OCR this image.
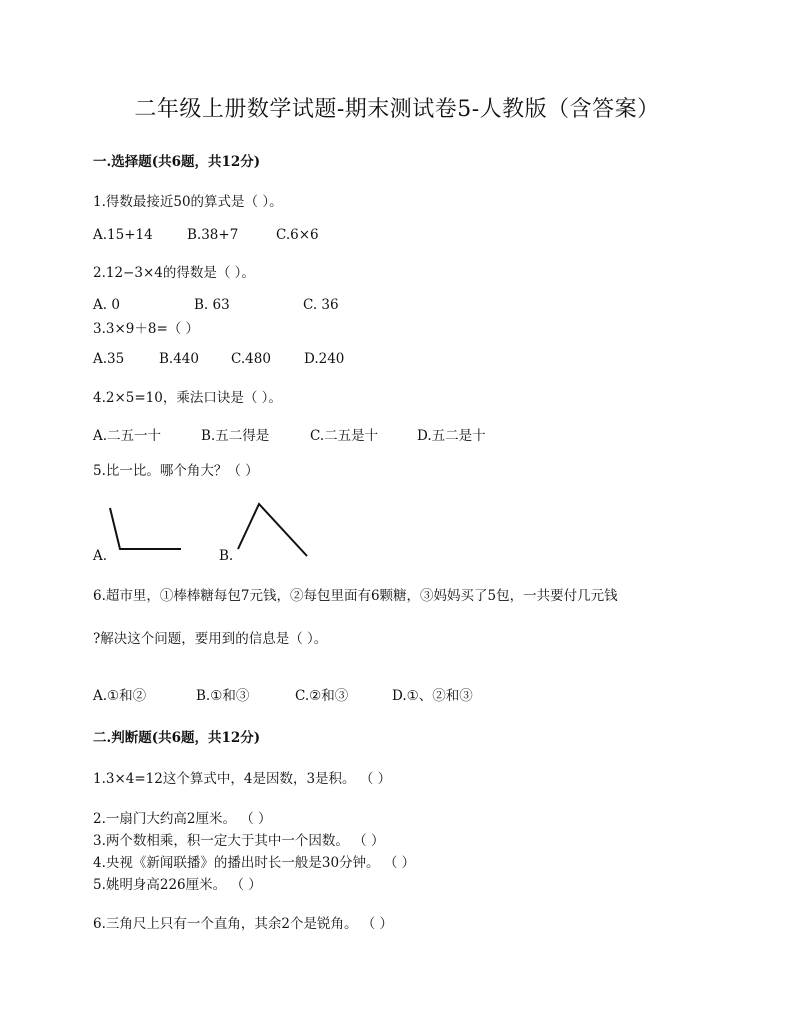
二年级上册数学试题-期末测试卷5-人教版（含答案）
一.选择题(共6题，共12分)
1.得数最接近50的算式是（ ）。
A.15+14	B.38+7	C.6×6
2.12−3×4的得数是（ ）。
A. 0	B. 63	C. 36
3.3×9＋8=（ ）
A.35	B.440 C.480 D.240
4.2×5=10，乘法口诀是（ ）。
A.二五一十	B.五二得是	C.二五是十	D.五二是十
5.比一比。哪个角大？（ ）
A.	B.
6.超市里，①棒棒糖每包7元钱，②每包里面有6颗糖，③妈妈买了5包，一共要付几元钱
?解决这个问题，要用到的信息是（ ）。
A.①和②	B.①和③	C.②和③	D.①、②和③
二.判断题(共6题，共12分)
1.3×4=12这个算式中，4是因数，3是积。 （ ）
2.一扇门大约高2厘米。 （ ）
3.两个数相乘，积一定大于其中一个因数。 （ ）
4.央视《新闻联播》的播出时长一般是30分钟。 （ ）
5.姚明身高226厘米。 （ ）
6.三角尺上只有一个直角，其余2个是锐角。 （ ）
